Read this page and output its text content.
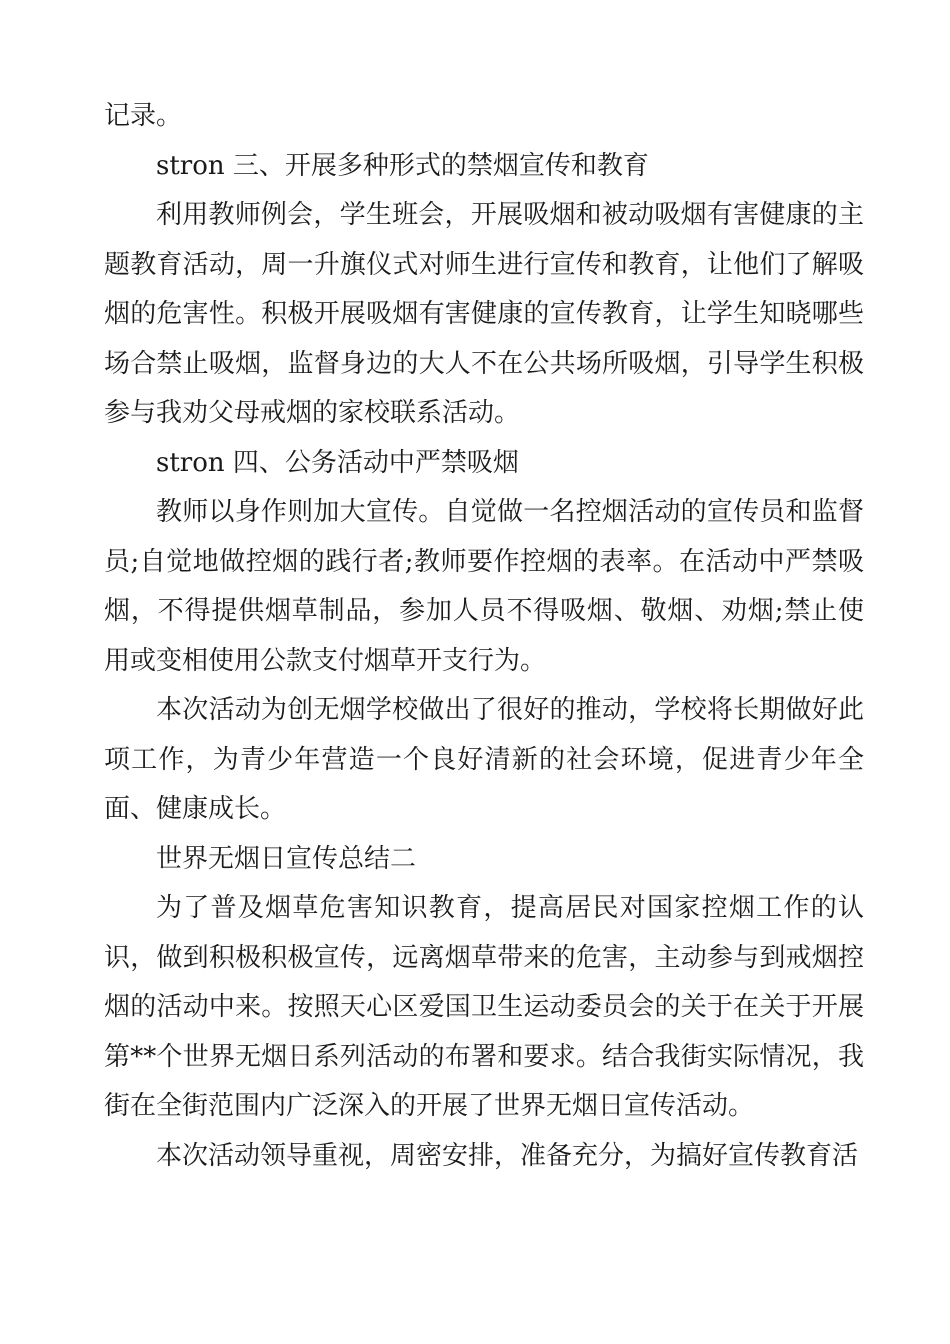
记录。

stron 三、开展多种形式的禁烟宣传和教育

利用教师例会，学生班会，开展吸烟和被动吸烟有害健康的主题教育活动，周一升旗仪式对师生进行宣传和教育，让他们了解吸烟的危害性。积极开展吸烟有害健康的宣传教育，让学生知晓哪些场合禁止吸烟，监督身边的大人不在公共场所吸烟，引导学生积极参与我劝父母戒烟的家校联系活动。

stron 四、公务活动中严禁吸烟

教师以身作则加大宣传。自觉做一名控烟活动的宣传员和监督员;自觉地做控烟的践行者;教师要作控烟的表率。在活动中严禁吸烟，不得提供烟草制品，参加人员不得吸烟、敬烟、劝烟;禁止使用或变相使用公款支付烟草开支行为。

本次活动为创无烟学校做出了很好的推动，学校将长期做好此项工作，为青少年营造一个良好清新的社会环境，促进青少年全面、健康成长。

世界无烟日宣传总结二

为了普及烟草危害知识教育，提高居民对国家控烟工作的认识，做到积极积极宣传，远离烟草带来的危害，主动参与到戒烟控烟的活动中来。按照天心区爱国卫生运动委员会的关于在关于开展第**个世界无烟日系列活动的布署和要求。结合我街实际情况，我街在全街范围内广泛深入的开展了世界无烟日宣传活动。

本次活动领导重视，周密安排，准备充分，为搞好宣传教育活
